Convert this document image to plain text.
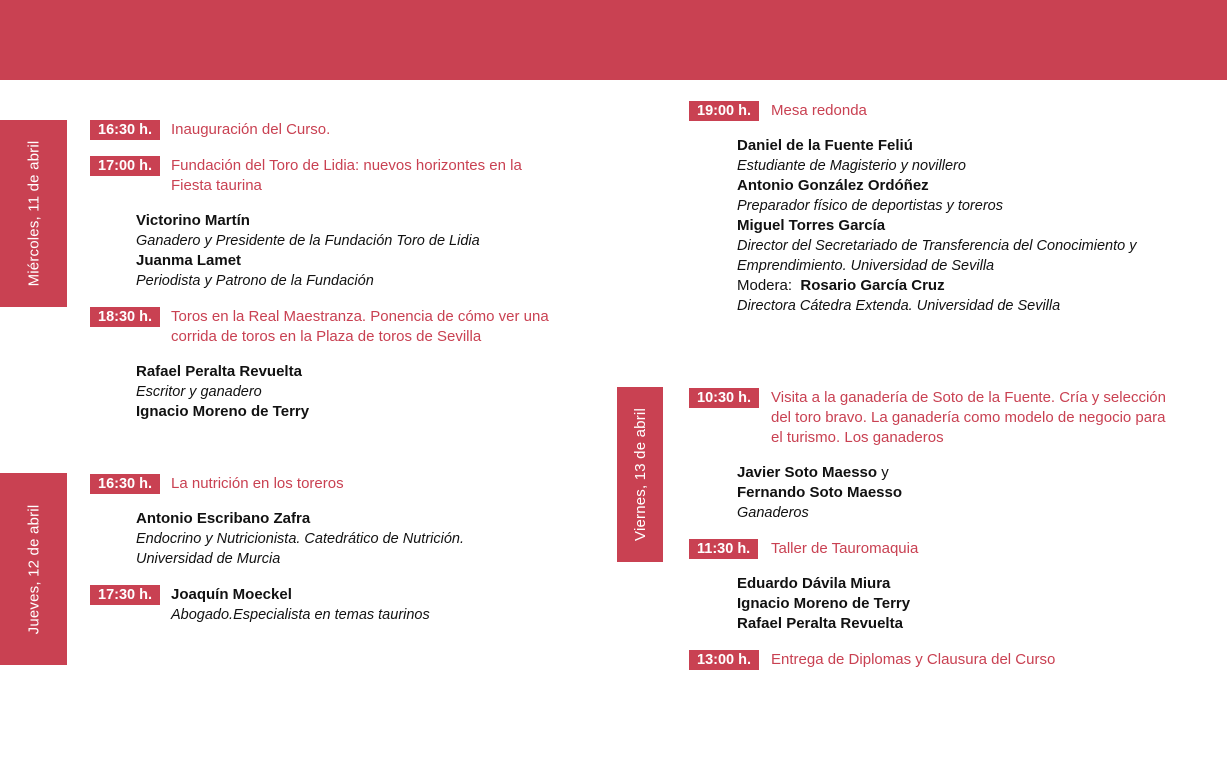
Miércoles, 11 de abril
Jueves, 12 de abril
Viernes, 13 de abril
16:30 h.	Inauguración del Curso.
17:00 h.	Fundación del Toro de Lidia: nuevos horizontes en la
Fiesta taurina
Victorino Martín
Ganadero y Presidente de la Fundación Toro de Lidia
Juanma Lamet
Periodista y Patrono de la Fundación
18:30 h.	Toros en la Real Maestranza. Ponencia de cómo ver una
corrida de toros en la Plaza de toros de Sevilla
Rafael Peralta Revuelta
Escritor y ganadero
Ignacio Moreno de Terry
19:00 h.	Mesa redonda
Daniel de la Fuente Feliú
Estudiante de Magisterio y novillero
Antonio González Ordóñez
Preparador físico de deportistas y toreros
Miguel Torres García
Director del Secretariado de Transferencia del Conocimiento y
Emprendimiento. Universidad de Sevilla
Modera: Rosario García Cruz
Directora Cátedra Extenda. Universidad de Sevilla
16:30 h.	La nutrición en los toreros
Antonio Escribano Zafra
Endocrino y Nutricionista. Catedrático de Nutrición.
Universidad de Murcia
17:30 h.	Joaquín Moeckel
Abogado.Especialista en temas taurinos
10:30 h.	Visita a la ganadería de Soto de la Fuente. Cría y selección
del toro bravo. La ganadería como modelo de negocio para
el turismo. Los ganaderos
Javier Soto Maesso y
Fernando Soto Maesso
Ganaderos
11:30 h.	Taller de Tauromaquia
Eduardo Dávila Miura
Ignacio Moreno de Terry
Rafael Peralta Revuelta
13:00 h.	Entrega de Diplomas y Clausura del Curso
